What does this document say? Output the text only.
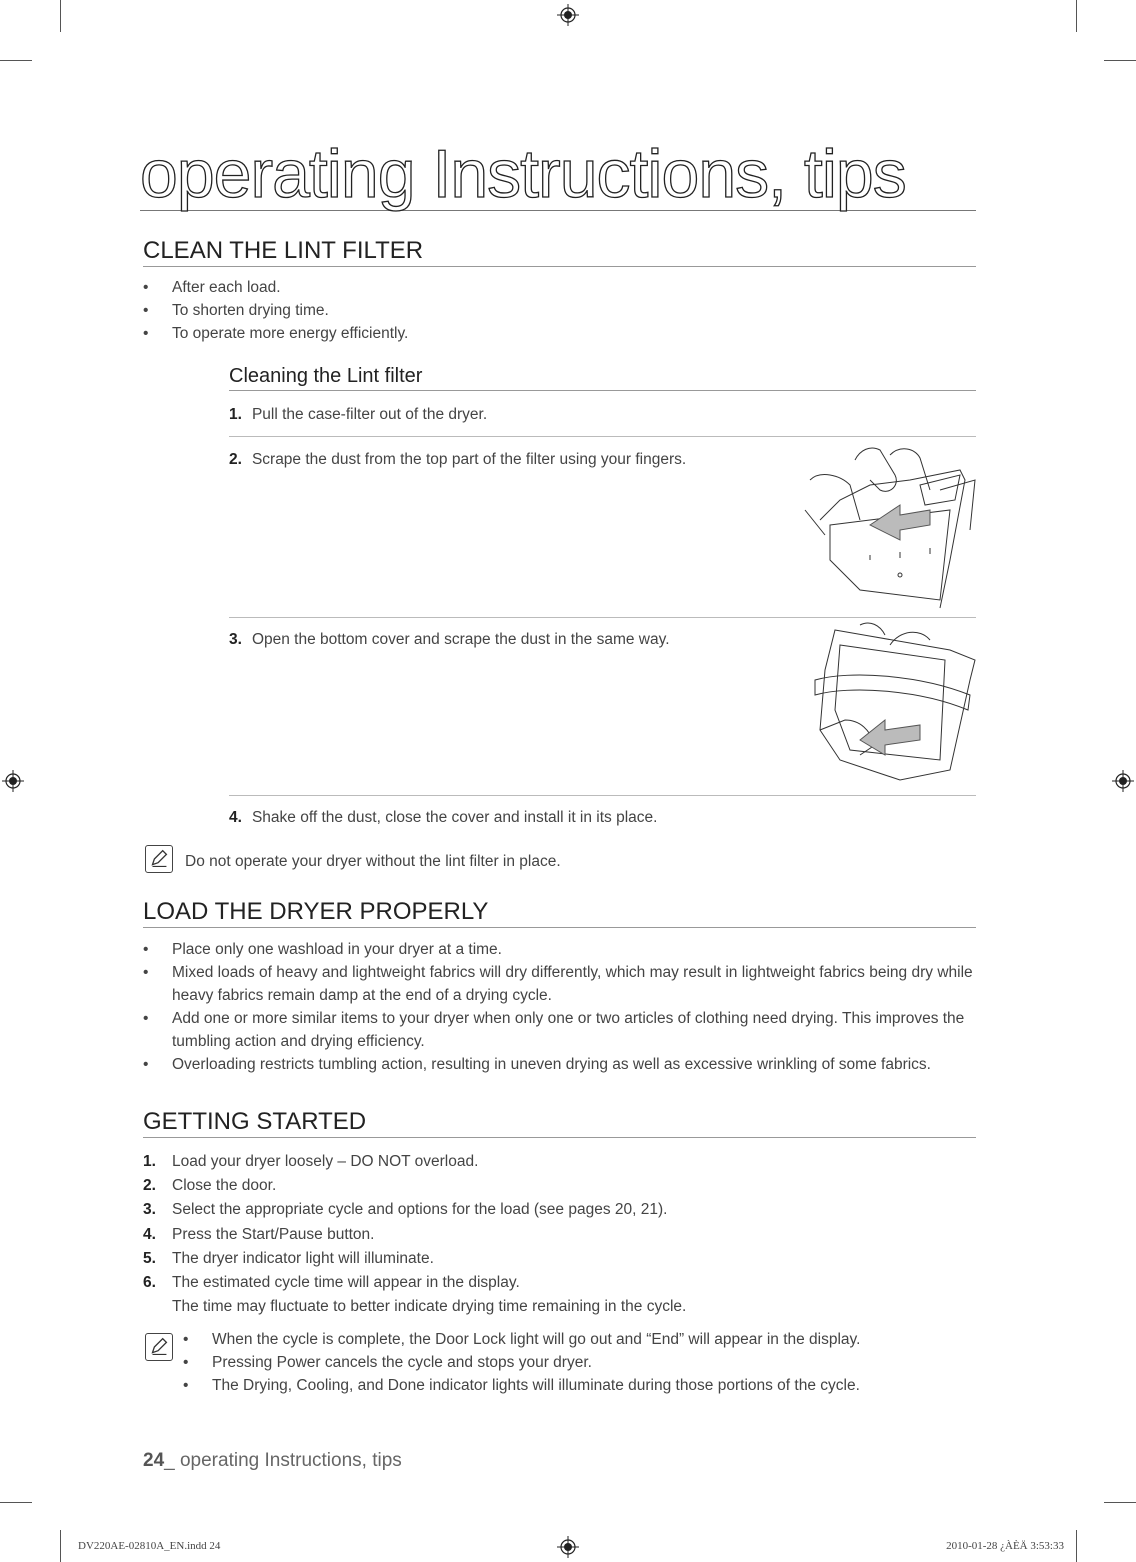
operating Instructions, tips
CLEAN THE LINT FILTER
• After each load.
• To shorten drying time.
• To operate more energy efficiently.
Cleaning the Lint filter
1. Pull the case-filter out of the dryer.
2. Scrape the dust from the top part of the filter using your fingers.
3. Open the bottom cover and scrape the dust in the same way.
4. Shake off the dust, close the cover and install it in its place.
Do not operate your dryer without the lint filter in place.
LOAD THE DRYER PROPERLY
• Place only one washload in your dryer at a time.
• Mixed loads of heavy and lightweight fabrics will dry differently, which may result in lightweight fabrics being dry while heavy fabrics remain damp at the end of a drying cycle.
• Add one or more similar items to your dryer when only one or two articles of clothing need drying. This improves the tumbling action and drying efficiency.
• Overloading restricts tumbling action, resulting in uneven drying as well as excessive wrinkling of some fabrics.
GETTING STARTED
1. Load your dryer loosely – DO NOT overload.
2. Close the door.
3. Select the appropriate cycle and options for the load (see pages 20, 21).
4. Press the Start/Pause button.
5. The dryer indicator light will illuminate.
6. The estimated cycle time will appear in the display.
The time may fluctuate to better indicate drying time remaining in the cycle.
• When the cycle is complete, the Door Lock light will go out and “End” will appear in the display.
• Pressing Power cancels the cycle and stops your dryer.
• The Drying, Cooling, and Done indicator lights will illuminate during those portions of the cycle.
24_ operating Instructions, tips
DV220AE-02810A_EN.indd 24	2010-01-28 ¿ÀÈÄ 3:53:33
